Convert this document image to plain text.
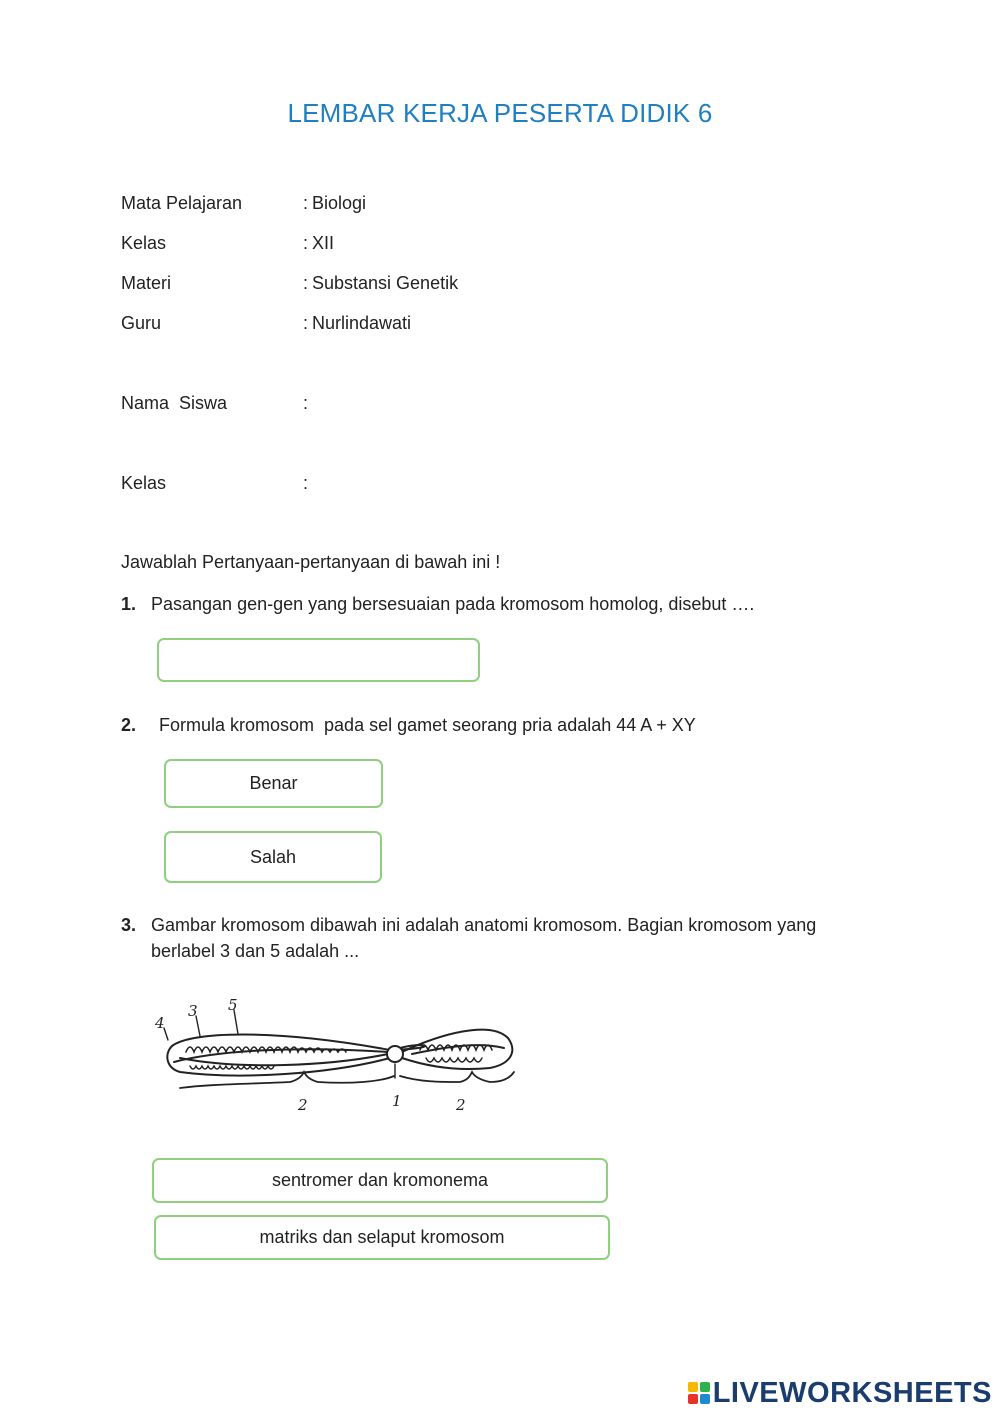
LEMBAR KERJA PESERTA DIDIK 6
Mata Pelajaran	: Biologi
Kelas	: XII
Materi	: Substansi Genetik
Guru	: Nurlindawati
Nama  Siswa	:
Kelas	:
Jawablah Pertanyaan-pertanyaan di bawah ini !
1. Pasangan gen-gen yang bersesuaian pada kromosom homolog, disebut ….
2. Formula kromosom  pada sel gamet seorang pria adalah 44 A + XY
Benar
Salah
3. Gambar kromosom dibawah ini adalah anatomi kromosom. Bagian kromosom yang
berlabel 3 dan 5 adalah ...
4
3 5
2	1	2
sentromer dan kromonema
matriks dan selaput kromosom
LIVEWORKSHEETS
